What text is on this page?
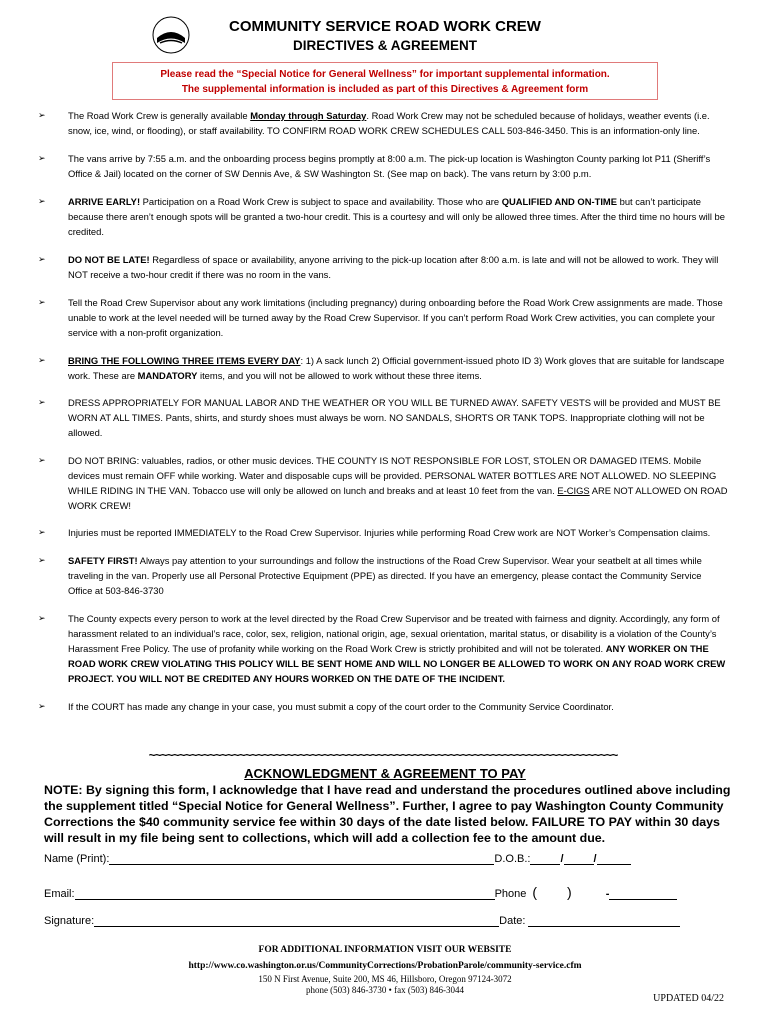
COMMUNITY SERVICE ROAD WORK CREW
DIRECTIVES & AGREEMENT
Please read the “Special Notice for General Wellness” for important supplemental information.
The supplemental information is included as part of this Directives & Agreement form
➢ The Road Work Crew is generally available Monday through Saturday. Road Work Crew may not be scheduled because of holidays, weather events (i.e. snow, ice, wind, or flooding), or staff availability. TO CONFIRM ROAD WORK CREW SCHEDULES CALL 503-846-3450. This is an information-only line.
➢ The vans arrive by 7:55 a.m. and the onboarding process begins promptly at 8:00 a.m. The pick-up location is Washington County parking lot P11 (Sheriff’s Office & Jail) located on the corner of SW Dennis Ave, & SW Washington St. (See map on back). The vans return by 3:00 p.m.
➢ ARRIVE EARLY! Participation on a Road Work Crew is subject to space and availability. Those who are QUALIFIED AND ON-TIME but can’t participate because there aren’t enough spots will be granted a two-hour credit. This is a courtesy and will only be allowed three times. After the third time no hours will be credited.
➢ DO NOT BE LATE! Regardless of space or availability, anyone arriving to the pick-up location after 8:00 a.m. is late and will not be allowed to work. They will NOT receive a two-hour credit if there was no room in the vans.
➢ Tell the Road Crew Supervisor about any work limitations (including pregnancy) during onboarding before the Road Work Crew assignments are made. Those unable to work at the level needed will be turned away by the Road Crew Supervisor. If you can’t perform Road Work Crew activities, you can complete your service with a non-profit organization.
➢ BRING THE FOLLOWING THREE ITEMS EVERY DAY: 1) A sack lunch 2) Official government-issued photo ID 3) Work gloves that are suitable for landscape work. These are MANDATORY items, and you will not be allowed to work without these three items.
➢ DRESS APPROPRIATELY FOR MANUAL LABOR AND THE WEATHER OR YOU WILL BE TURNED AWAY. SAFETY VESTS will be provided and MUST BE WORN AT ALL TIMES. Pants, shirts, and sturdy shoes must always be worn. NO SANDALS, SHORTS OR TANK TOPS. Inappropriate clothing will not be allowed.
➢ DO NOT BRING: valuables, radios, or other music devices. THE COUNTY IS NOT RESPONSIBLE FOR LOST, STOLEN OR DAMAGED ITEMS. Mobile devices must remain OFF while working. Water and disposable cups will be provided. PERSONAL WATER BOTTLES ARE NOT ALLOWED. NO SLEEPING WHILE RIDING IN THE VAN. Tobacco use will only be allowed on lunch and breaks and at least 10 feet from the van. E-CIGS ARE NOT ALLOWED ON ROAD WORK CREW!
➢ Injuries must be reported IMMEDIATELY to the Road Crew Supervisor. Injuries while performing Road Crew work are NOT Worker’s Compensation claims.
➢ SAFETY FIRST! Always pay attention to your surroundings and follow the instructions of the Road Crew Supervisor. Wear your seatbelt at all times while traveling in the van. Properly use all Personal Protective Equipment (PPE) as directed. If you have an emergency, please contact the Community Service Office at 503-846-3730
➢ The County expects every person to work at the level directed by the Road Crew Supervisor and be treated with fairness and dignity. Accordingly, any form of harassment related to an individual’s race, color, sex, religion, national origin, age, sexual orientation, marital status, or disability is a violation of the County’s Harassment Free Policy. The use of profanity while working on the Road Work Crew is strictly prohibited and will not be tolerated. ANY WORKER ON THE ROAD WORK CREW VIOLATING THIS POLICY WILL BE SENT HOME AND WILL NO LONGER BE ALLOWED TO WORK ON ANY ROAD WORK CREW PROJECT. YOU WILL NOT BE CREDITED ANY HOURS WORKED ON THE DATE OF THE INCIDENT.
➢ If the COURT has made any change in your case, you must submit a copy of the court order to the Community Service Coordinator.
~~~~~~~~~~~~~~~~~~~~~~~~~~~~~~~~~~~~~~~~~~~~~~~~~~~~~~~~~~~~~~~~~~~~~~~~~~~~~~
ACKNOWLEDGMENT & AGREEMENT TO PAY
NOTE: By signing this form, I acknowledge that I have read and understand the procedures outlined above including the supplement titled “Special Notice for General Wellness”. Further, I agree to pay Washington County Community Corrections the $40 community service fee within 30 days of the date listed below. FAILURE TO PAY within 30 days will result in my file being sent to collections, which will add a collection fee to the amount due.
Name (Print):	D.O.B.:	/	/
Email:	Phone ( )	-
Signature:	Date:
FOR ADDITIONAL INFORMATION VISIT OUR WEBSITE
http://www.co.washington.or.us/CommunityCorrections/ProbationParole/community-service.cfm
150 N First Avenue, Suite 200, MS 46, Hillsboro, Oregon 97124-3072
phone (503) 846-3730 • fax (503) 846-3044
UPDATED 04/22
